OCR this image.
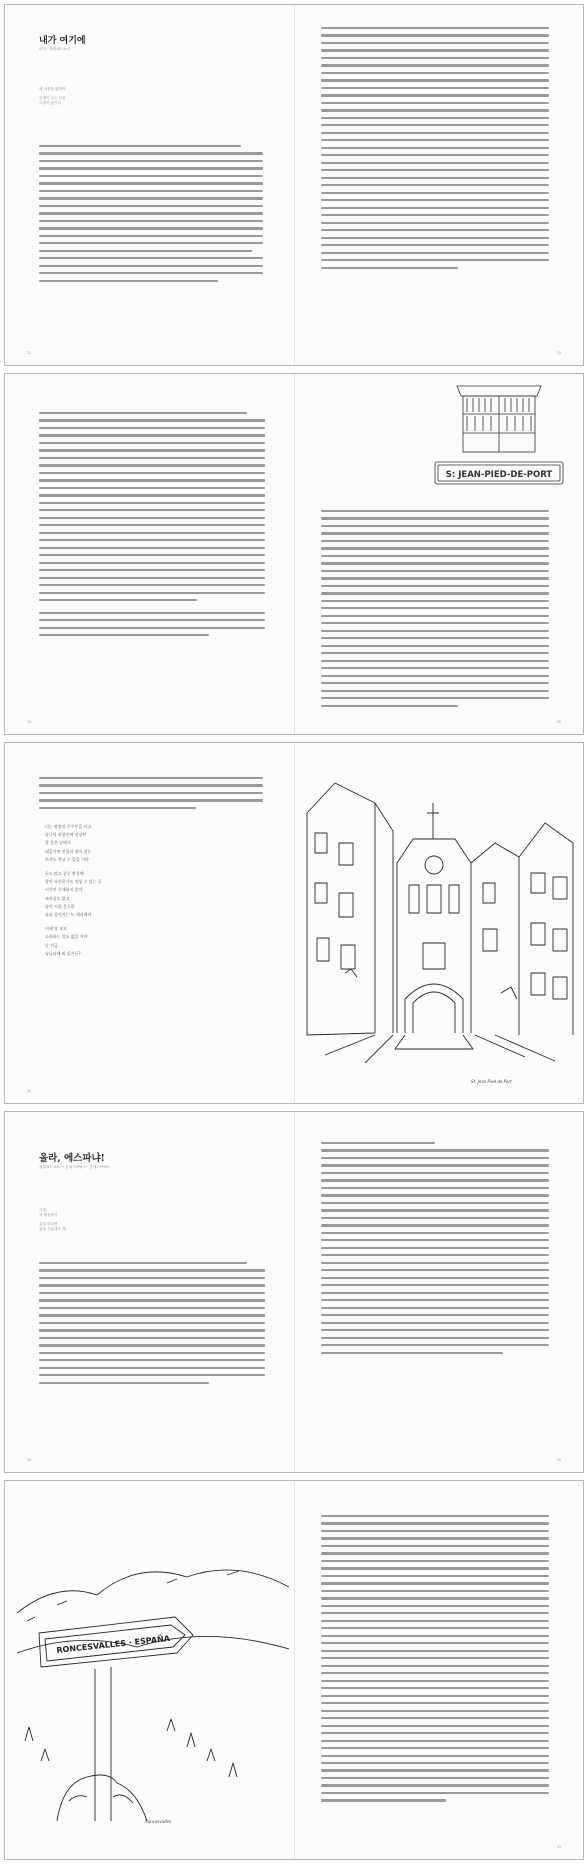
내가 여기에
미미 · 생장피드포르
세 마음을 위하여
인생이 주는 선물
그것이 삶이다
22	23
S: JEAN-PIED-DE-PORT
24	25
너는 팔랑라 우주인을 타고
날나라 관광인에 당장된
잘 좋은 날에서
네일이면 전철의 망아 찾는
토끼도 만날 수 있을 거야
돈도 많고 공중 환경에
할아 파산하기도 건넣 수 있는 곳
시간이 존재하지 않아
조바심도 없고
날이 시킬 몽스한
술술 풀어지는 드 세퍼레이
이제 당 모모
소원하는 일도 없을 거야
난 지금 ...
낭나라에 와 있거든?
St. Jean Pied de Port
26
올라, 에스파냐!
생장피드포르 → 론세스바예스 · 론세스바예스
그때
새 냉동물기
길을 떠나면
삶을 기분대로 제
28	29
RONCESVALLES · ESPAÑA
Roncesvalles
31
